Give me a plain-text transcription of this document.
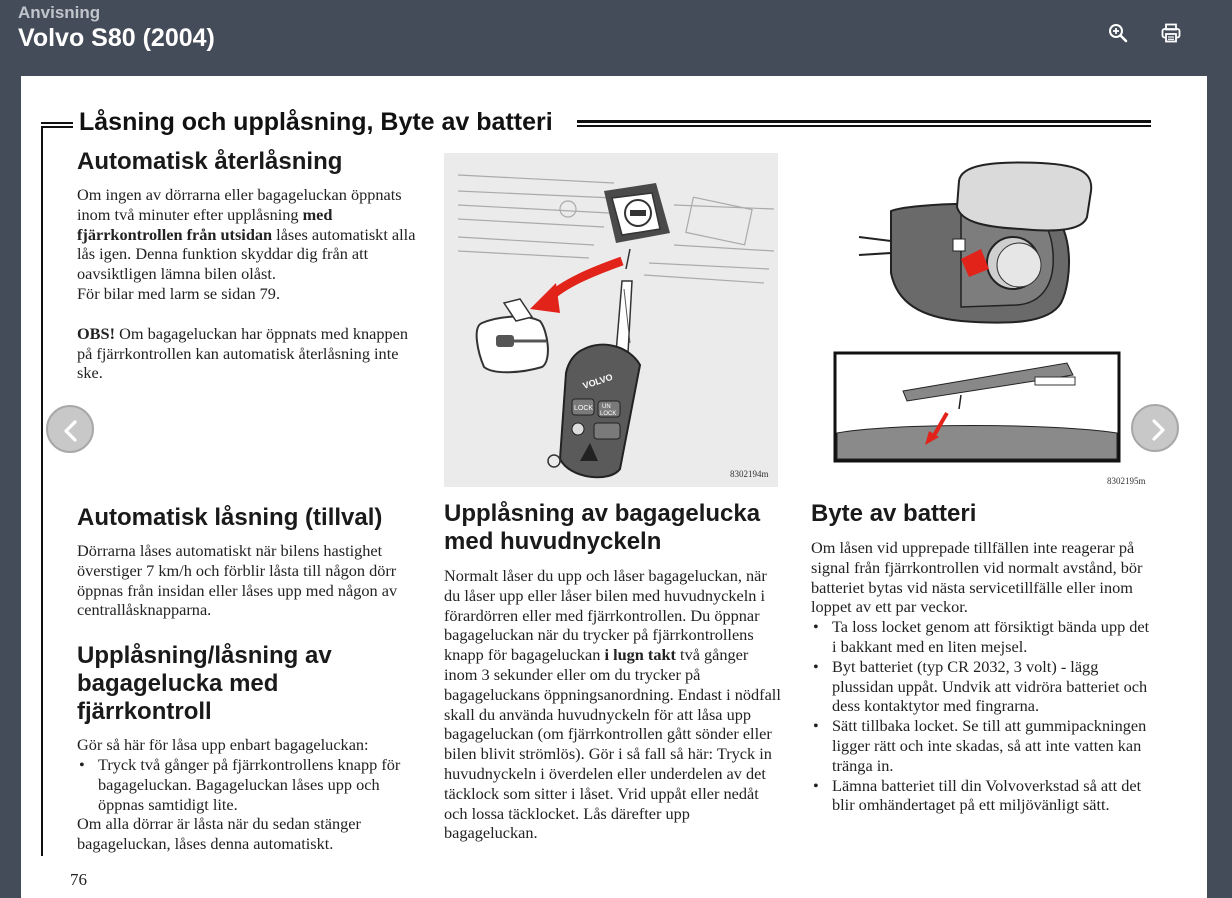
Anvisning
Volvo S80 (2004)
Låsning och upplåsning, Byte av batteri
Automatisk återlåsning

Om ingen av dörrarna eller bagageluckan öppnats inom två minuter efter upplåsning med fjärrkontrollen från utsidan låses automatiskt alla lås igen. Denna funktion skyddar dig från att oavsiktligen lämna bilen olåst.

För bilar med larm se sidan 79.

OBS! Om bagageluckan har öppnats med knappen på fjärrkontrollen kan automatisk återlåsning inte ske.

Automatisk låsning (tillval)

Dörrarna låses automatiskt när bilens hastighet överstiger 7 km/h och förblir låsta till någon dörr öppnas från insidan eller låses upp med någon av centrallåsknapparna.

Upplåsning/låsning av bagagelucka med fjärrkontroll

Gör så här för låsa upp enbart bagageluckan:

• Tryck två gånger på fjärrkontrollens knapp för bagageluckan. Bagageluckan låses upp och öppnas samtidigt lite.

Om alla dörrar är låsta när du sedan stänger bagageluckan, låses denna automatiskt.

76
VOLVO
LOCK UN
LOCK
8302194m
8302195m
Upplåsning av bagagelucka med huvudnyckeln

Normalt låser du upp och låser bagageluckan, när du låser upp eller låser bilen med huvudnyckeln i förardörren eller med fjärrkontrollen. Du öppnar bagageluckan när du trycker på fjärrkontrollens knapp för bagageluckan i lugn takt två gånger inom 3 sekunder eller om du trycker på bagageluckans öppningsanordning. Endast i nödfall skall du använda huvudnyckeln för att låsa upp bagageluckan (om fjärrkontrollen gått sönder eller bilen blivit strömlös). Gör i så fall så här: Tryck in huvudnyckeln i överdelen eller underdelen av det täcklock som sitter i låset. Vrid uppåt eller nedåt och lossa täcklocket. Lås därefter upp bagageluckan.

Byte av batteri

Om låsen vid upprepade tillfällen inte reagerar på signal från fjärrkontrollen vid normalt avstånd, bör batteriet bytas vid nästa servicetillfälle eller inom loppet av ett par veckor.

• Ta loss locket genom att försiktigt bända upp det i bakkant med en liten mejsel.
• Byt batteriet (typ CR 2032, 3 volt) - lägg plussidan uppåt. Undvik att vidröra batteriet och dess kontaktytor med fingrarna.
• Sätt tillbaka locket. Se till att gummipackningen ligger rätt och inte skadas, så att inte vatten kan tränga in.
• Lämna batteriet till din Volvoverkstad så att det blir omhändertaget på ett miljövänligt sätt.
